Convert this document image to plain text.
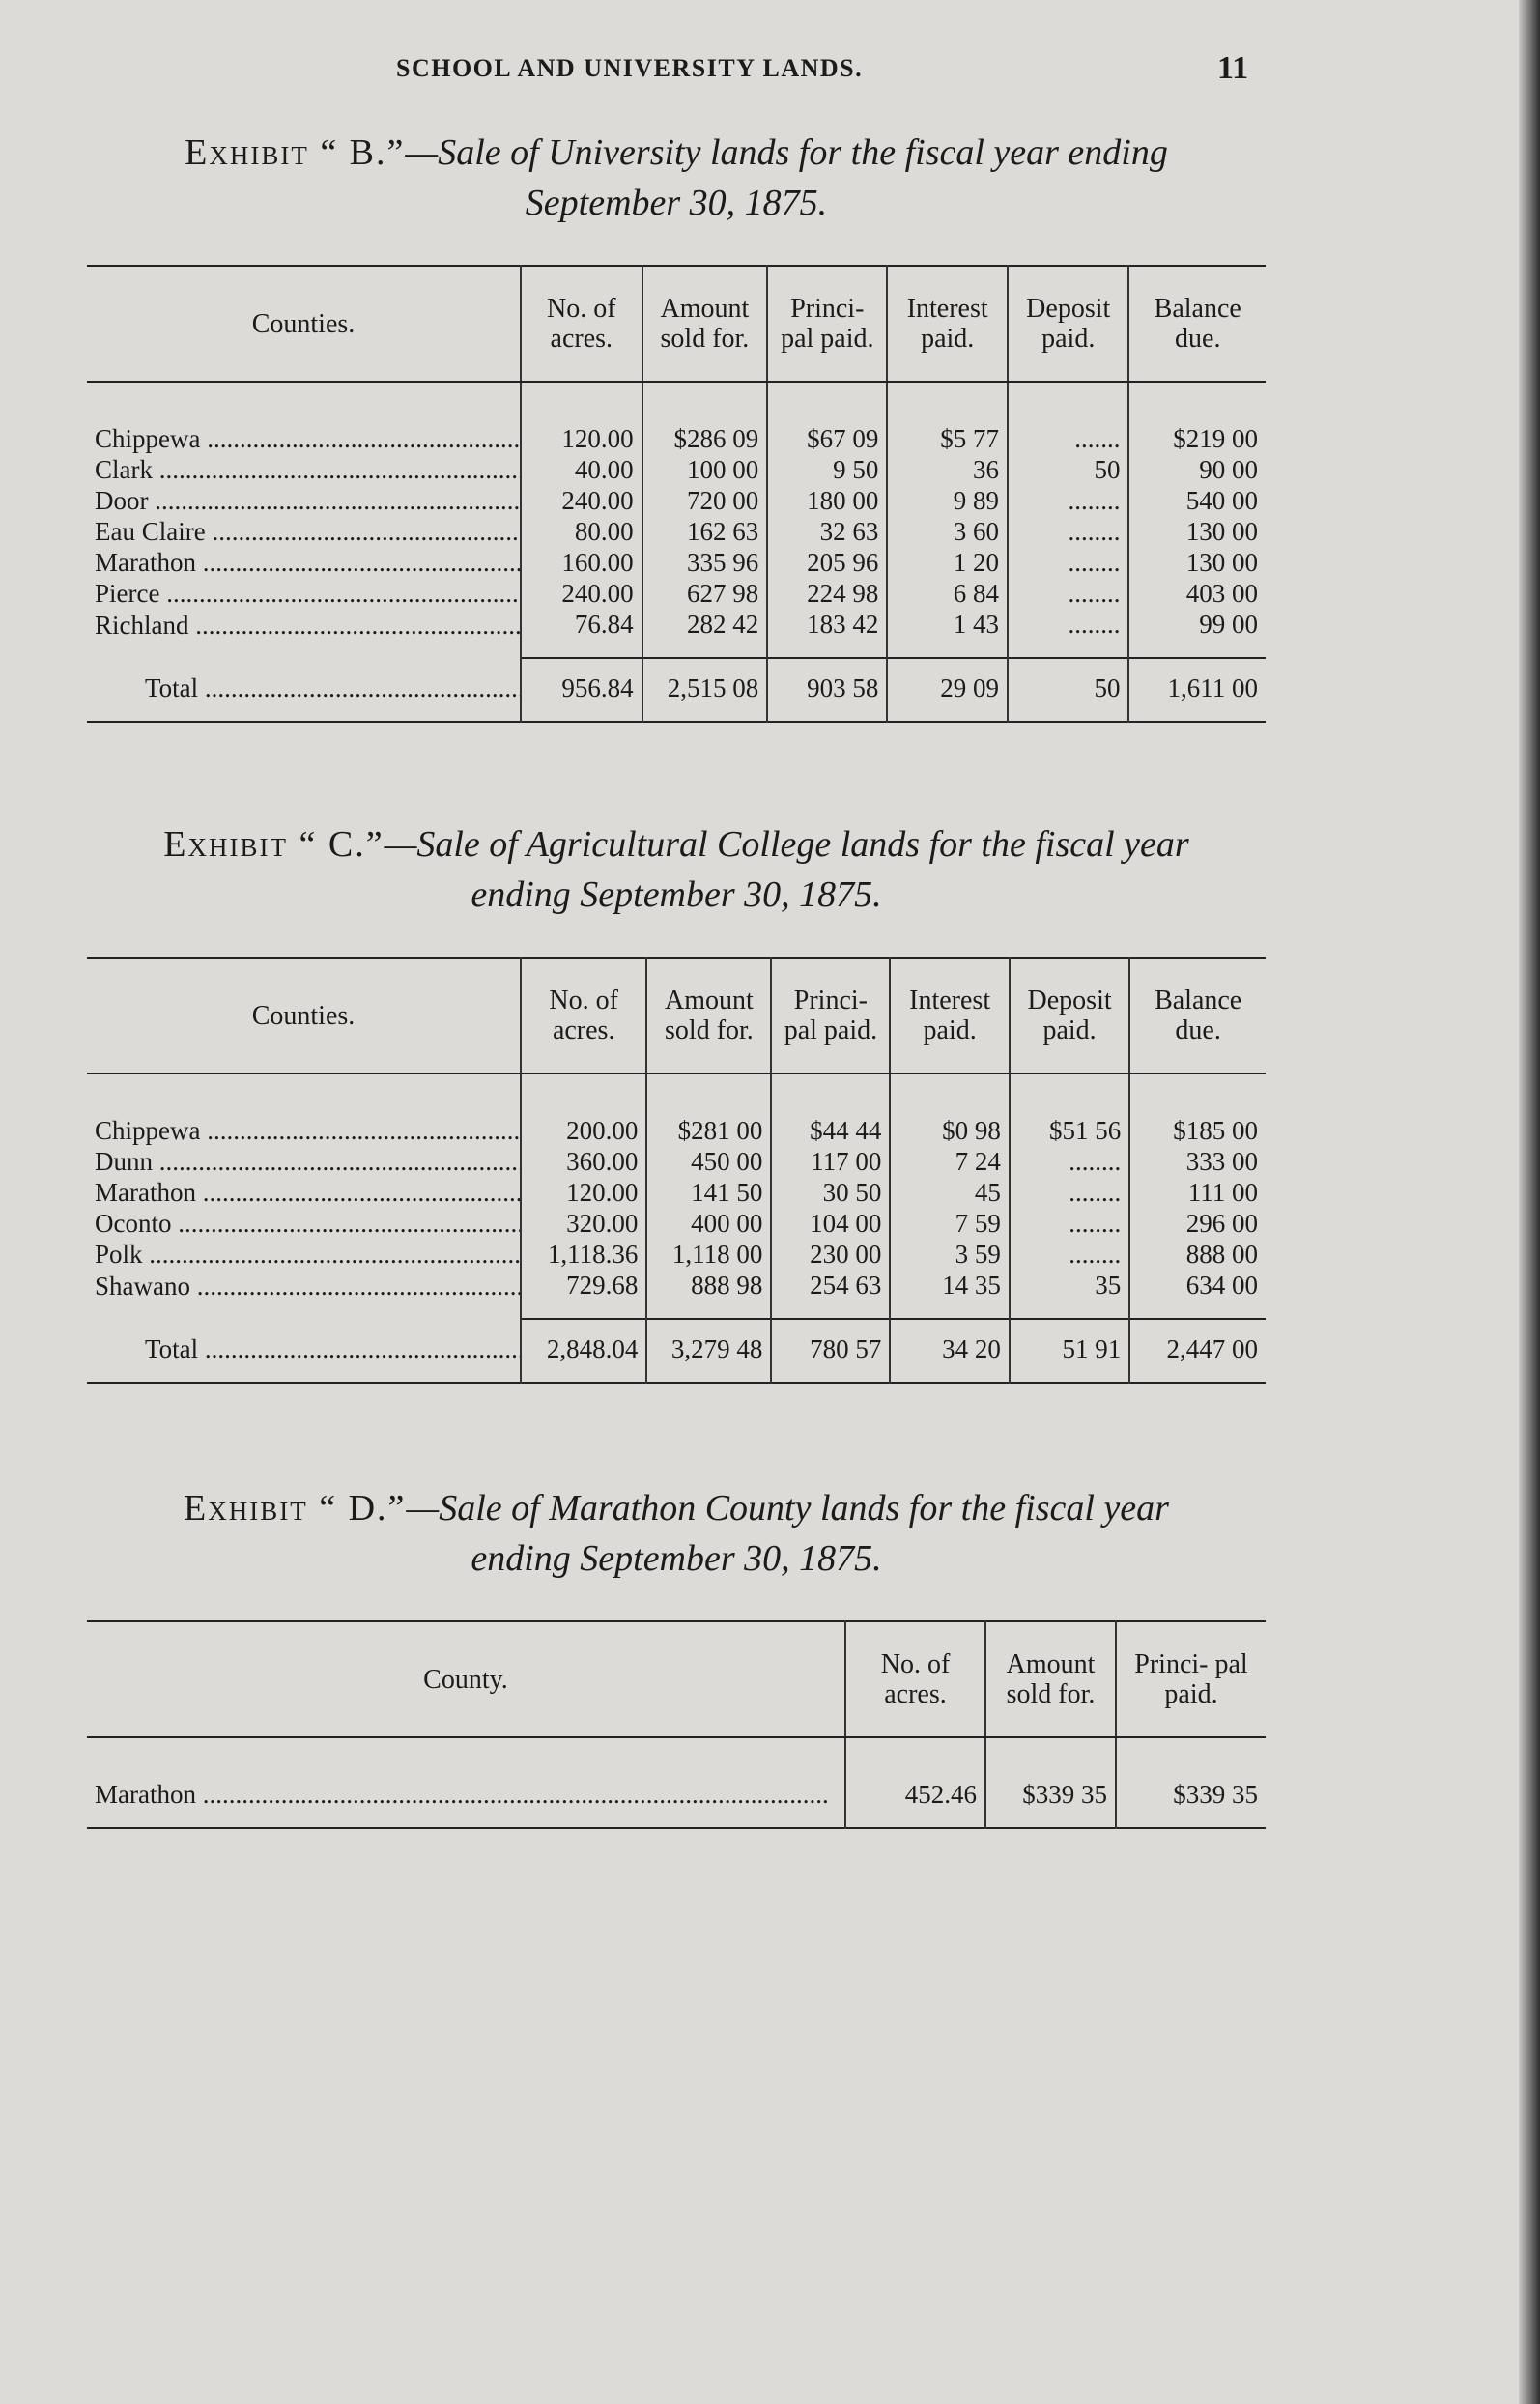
SCHOOL AND UNIVERSITY LANDS.	11
Exhibit “ B.”—Sale of University lands for the fiscal year ending
September 30, 1875.
Counties.	No. of acres.	Amount sold for.	Princi- pal paid.	Interest paid.	Deposit paid.	Balance due.
Chippewa .....	120.00	$286 09	$67 09	$5 77	.......	$219 00
Clark .....	40.00	100 00	9 50	36	50	90 00
Door .....	240.00	720 00	180 00	9 89	........	540 00
Eau Claire .....	80.00	162 63	32 63	3 60	........	130 00
Marathon .....	160.00	335 96	205 96	1 20	........	130 00
Pierce .....	240.00	627 98	224 98	6 84	........	403 00
Richland .....	76.84	282 42	183 42	1 43	........	99 00
Total .....	956.84	2,515 08	903 58	29 09	50	1,611 00
Exhibit “ C.”—Sale of Agricultural College lands for the fiscal year
ending September 30, 1875.
Counties.	No. of acres.	Amount sold for.	Princi- pal paid.	Interest paid.	Deposit paid.	Balance due.
Chippewa .....	200.00	$281 00	$44 44	$0 98	$51 56	$185 00
Dunn .....	360.00	450 00	117 00	7 24	........	333 00
Marathon .....	120.00	141 50	30 50	45	........	111 00
Oconto .....	320.00	400 00	104 00	7 59	........	296 00
Polk .....	1,118.36	1,118 00	230 00	3 59	........	888 00
Shawano .....	729.68	888 98	254 63	14 35	35	634 00
Total .....	2,848.04	3,279 48	780 57	34 20	51 91	2,447 00
Exhibit “ D.”—Sale of Marathon County lands for the fiscal year
ending September 30, 1875.
County.	No. of acres.	Amount sold for.	Princi- pal paid.
Marathon .....	452.46	$339 35	$339 35
